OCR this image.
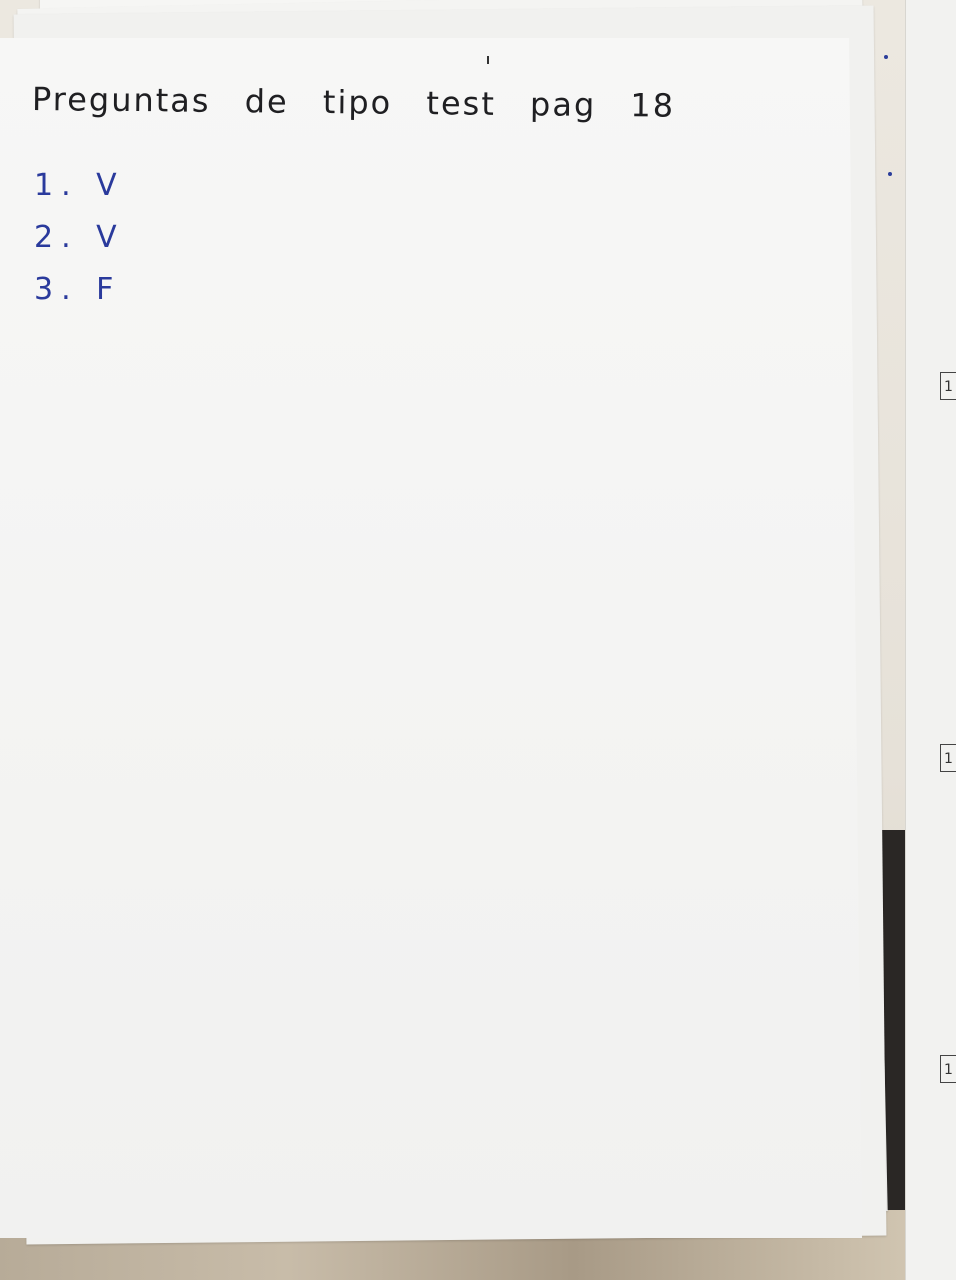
1
1
1
Preguntas de tipo test pag 18
1. V
2. V
3. F
